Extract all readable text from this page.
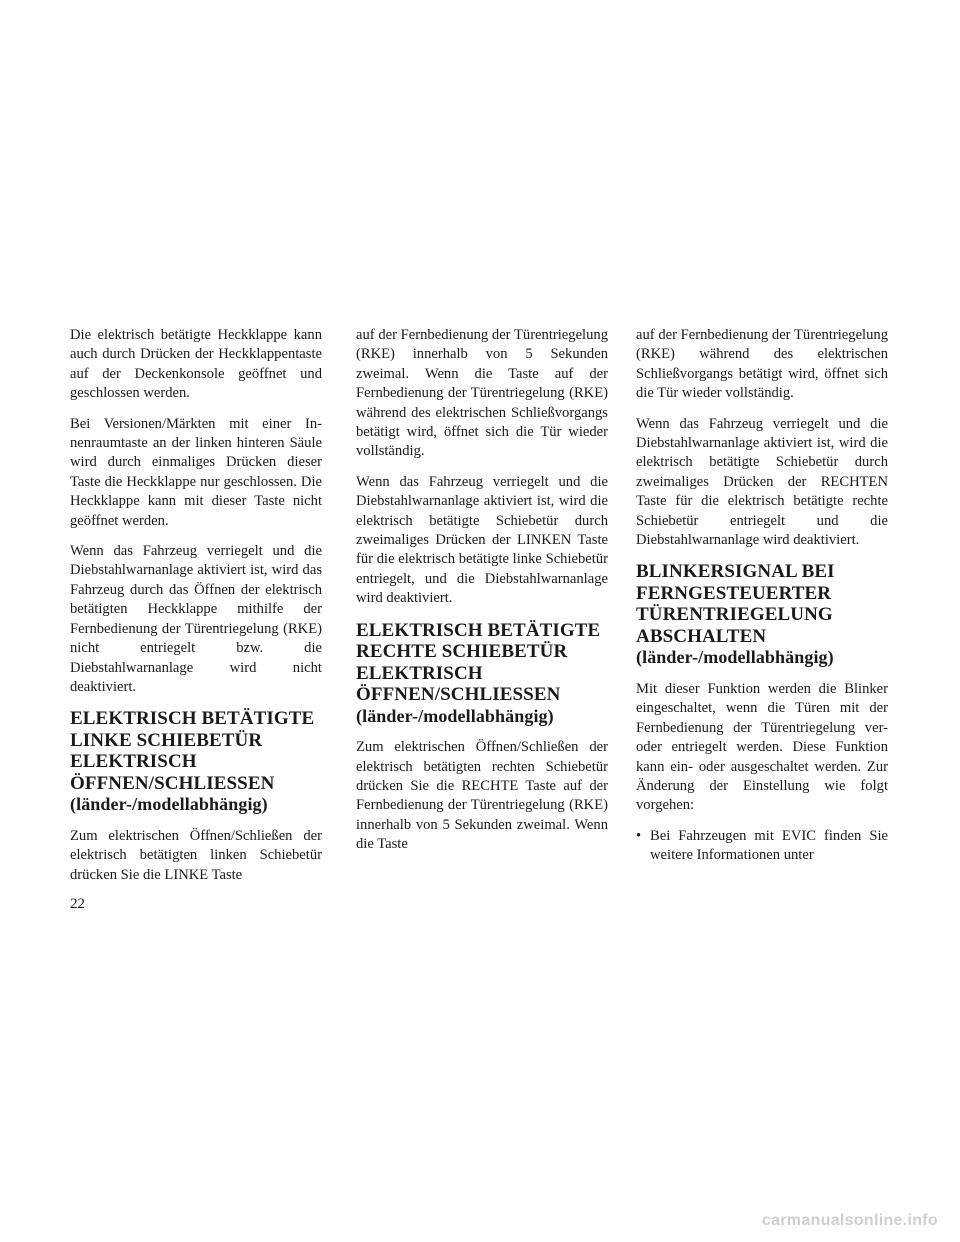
Die elektrisch betätigte Heckklappe kann auch durch Drücken der Heckklappentaste auf der Deckenkonsole geöffnet und geschlossen werden.

Bei Versionen/Märkten mit einer Innenraumtaste an der linken hinteren Säule wird durch einmaliges Drücken dieser Taste die Heckklappe nur geschlossen. Die Heckklappe kann mit dieser Taste nicht geöffnet werden.

Wenn das Fahrzeug verriegelt und die Diebstahlwarnanlage aktiviert ist, wird das Fahrzeug durch das Öffnen der elektrisch betätigten Heckklappe mithilfe der Fernbedienung der Türentriegelung (RKE) nicht entriegelt bzw. die Diebstahlwarnanlage wird nicht deaktiviert.

ELEKTRISCH BETÄTIGTE
LINKE SCHIEBETÜR
ELEKTRISCH
ÖFFNEN/SCHLIESSEN
(länder-/modellabhängig)

Zum elektrischen Öffnen/Schließen der elektrisch betätigten linken Schiebetür drücken Sie die LINKE Taste

auf der Fernbedienung der Türentriegelung (RKE) innerhalb von 5 Sekunden zweimal. Wenn die Taste auf der Fernbedienung der Türentriegelung (RKE) während des elektrischen Schließvorgangs betätigt wird, öffnet sich die Tür wieder vollständig.

Wenn das Fahrzeug verriegelt und die Diebstahlwarnanlage aktiviert ist, wird die elektrisch betätigte Schiebetür durch zweimaliges Drücken der LINKEN Taste für die elektrisch betätigte linke Schiebetür entriegelt, und die Diebstahlwarnanlage wird deaktiviert.

ELEKTRISCH BETÄTIGTE
RECHTE SCHIEBETÜR
ELEKTRISCH
ÖFFNEN/SCHLIESSEN
(länder-/modellabhängig)

Zum elektrischen Öffnen/Schließen der elektrisch betätigten rechten Schiebetür drücken Sie die RECHTE Taste auf der Fernbedienung der Türentriegelung (RKE) innerhalb von 5 Sekunden zweimal. Wenn die Taste

auf der Fernbedienung der Türentriegelung (RKE) während des elektrischen Schließvorgangs betätigt wird, öffnet sich die Tür wieder vollständig.

Wenn das Fahrzeug verriegelt und die Diebstahlwarnanlage aktiviert ist, wird die elektrisch betätigte Schiebetür durch zweimaliges Drücken der RECHTEN Taste für die elektrisch betätigte rechte Schiebetür entriegelt und die Diebstahlwarnanlage wird deaktiviert.

BLINKERSIGNAL BEI
FERNGESTEUERTER
TÜRENTRIEGELUNG
ABSCHALTEN
(länder-/modellabhängig)

Mit dieser Funktion werden die Blinker eingeschaltet, wenn die Türen mit der Fernbedienung der Türentriegelung ver- oder entriegelt werden. Diese Funktion kann ein- oder ausgeschaltet werden. Zur Änderung der Einstellung wie folgt vorgehen:

• Bei Fahrzeugen mit EVIC finden Sie weitere Informationen unter
22
carmanualsonline.info
